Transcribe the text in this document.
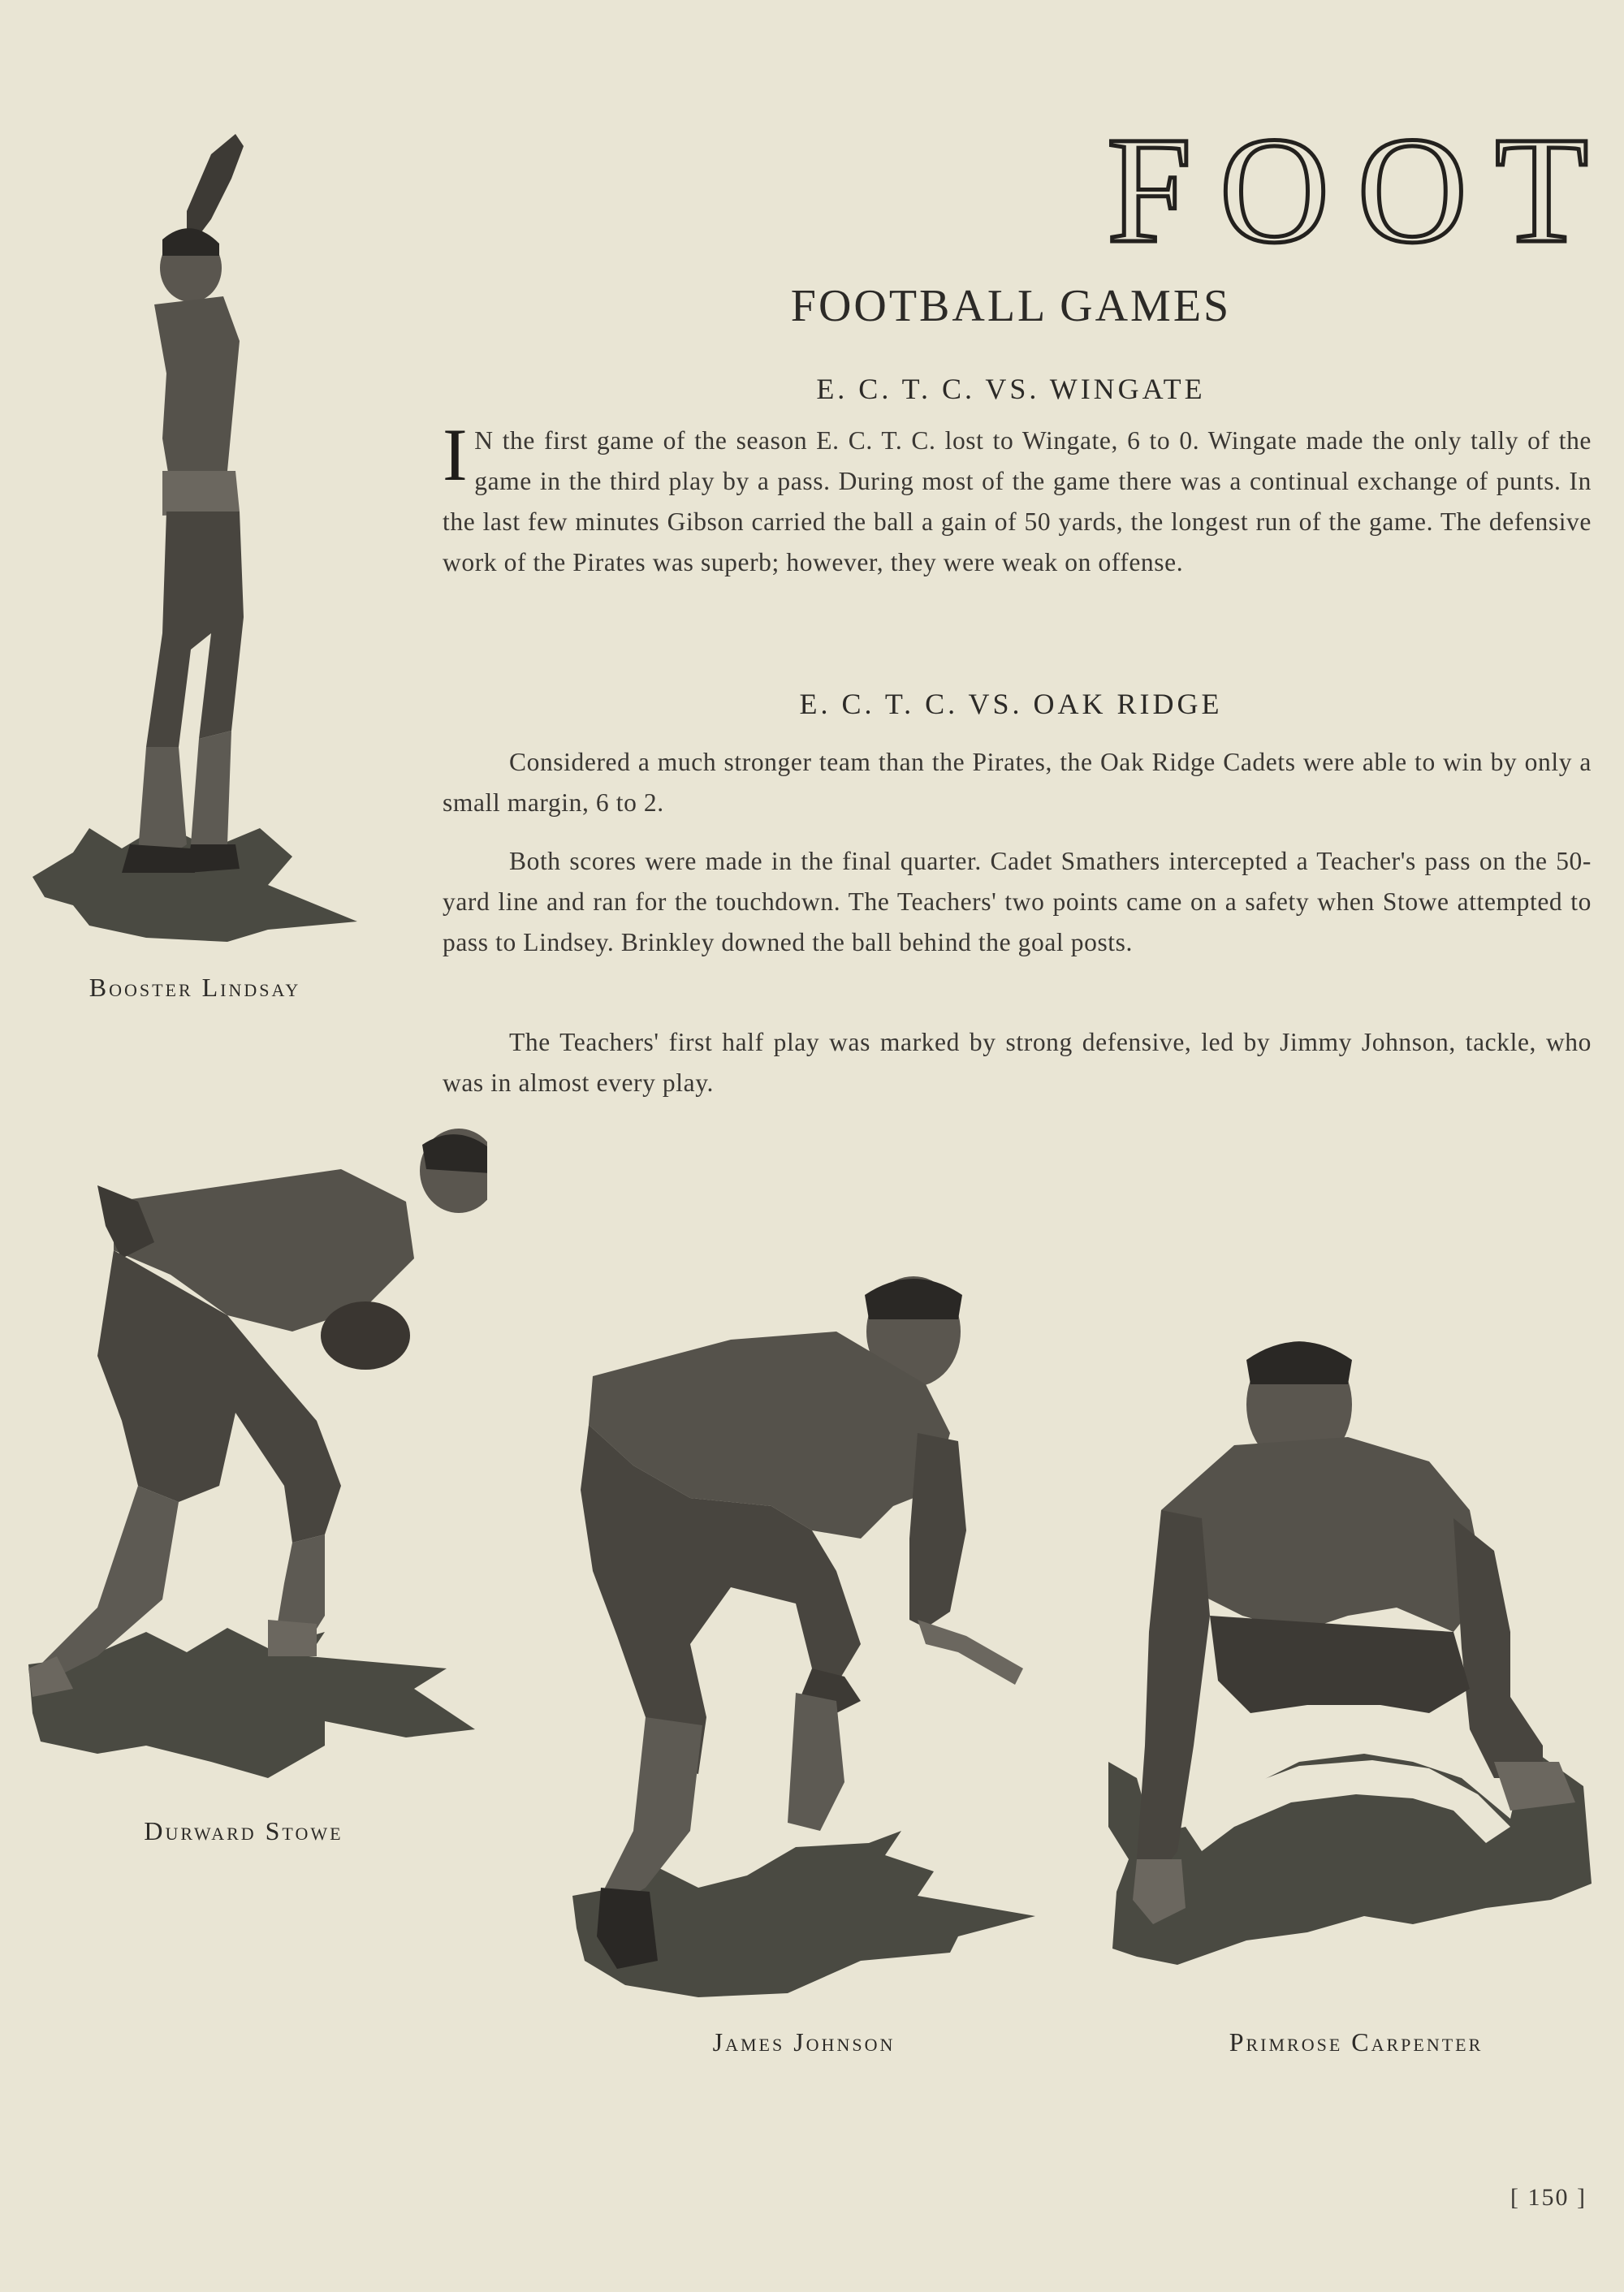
FOOT
FOOTBALL GAMES
E. C. T. C. VS. WINGATE
I N the first game of the season E. C. T. C. lost to Wingate, 6 to 0. Wingate made the only tally of the game in the third play by a pass. During most of the game there was a continual exchange of punts. In the last few minutes Gibson carried the ball a gain of 50 yards, the longest run of the game. The defensive work of the Pirates was superb; however, they were weak on offense.
E. C. T. C. VS. OAK RIDGE
Considered a much stronger team than the Pirates, the Oak Ridge Cadets were able to win by only a small margin, 6 to 2.
Both scores were made in the final quarter. Cadet Smathers intercepted a Teacher's pass on the 50-yard line and ran for the touchdown. The Teachers' two points came on a safety when Stowe attempted to pass to Lindsey. Brinkley downed the ball behind the goal posts.
The Teachers' first half play was marked by strong defensive, led by Jimmy Johnson, tackle, who was in almost every play.
Booster Lindsay
Durward Stowe
James Johnson	Primrose Carpenter
[ 150 ]
